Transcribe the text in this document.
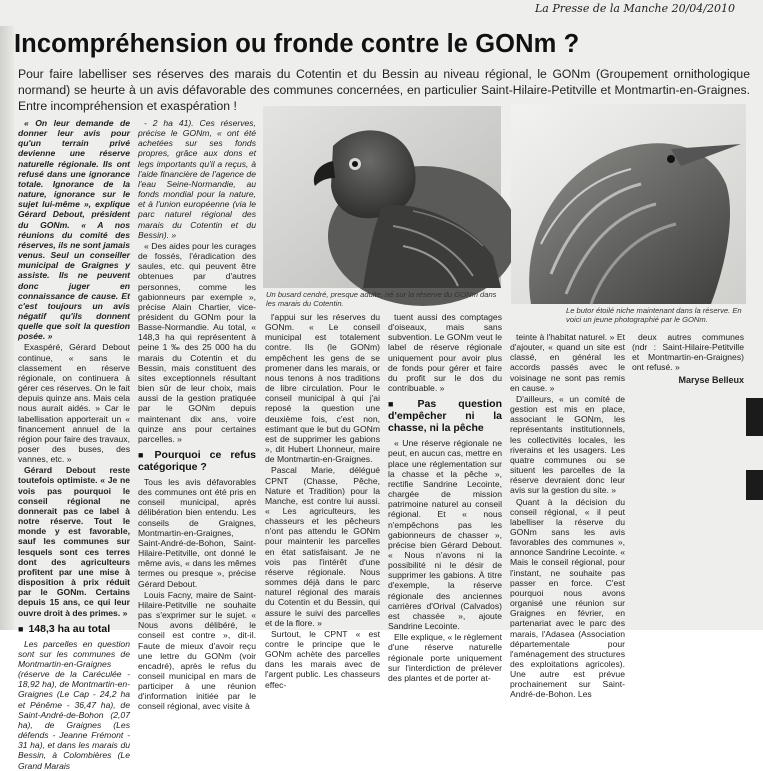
La Presse de la Manche 20/04/2010
Incompréhension ou fronde contre le GONm ?

Pour faire labelliser ses réserves des marais du Cotentin et du Bessin au niveau régional, le GONm (Groupement ornithologique normand) se heurte à un avis défavorable des communes concernées, en particulier Saint-Hilaire-Petitville et Montmartin-en-Graignes. Entre incompréhension et exaspération !

« On leur demande de donner leur avis pour qu'un terrain privé devienne une réserve naturelle régionale. Ils ont refusé dans une ignorance totale. Ignorance de la nature, ignorance sur le sujet lui-même », explique Gérard Debout, président du GONm. « A nos réunions du comité des réserves, ils ne sont jamais venus. Seul un conseiller municipal de Graignes y assiste. Ils ne peuvent donc juger en connaissance de cause. Et c'est toujours un avis négatif qu'ils donnent quelle que soit la question posée. »

Exaspéré, Gérard Debout continue, « sans le classement en réserve régionale, on continuera à gérer ces réserves. On le fait depuis quinze ans. Mais cela nous aurait aidés. » Car le labellisation apporterait un « financement annuel de la région pour faire des travaux, poser des buses, des vannes, etc. »

Gérard Debout reste toutefois optimiste. « Je ne vois pas pourquoi le conseil régional ne donnerait pas ce label à notre réserve. Tout le monde y est favorable, sauf les communes sur lesquels sont ces terres dont des agriculteurs profitent par une mise à disposition à prix réduit par le GONm. Certains depuis 15 ans, ce qui leur ouvre droit à des primes. »

■ 148,3 ha au total

Les parcelles en question sont sur les communes de Montmartin-en-Graignes (réserve de la Caréculée - 18,92 ha), de Montmartin-en-Graignes (Le Cap - 24,2 ha et Pénême - 36,47 ha), de Saint-André-de-Bohon (2,07 ha), de Graignes (Les défends - Jeanne Frémont - 31 ha), et dans les marais du Bessin, à Colombières (Le Grand Marais

- 2 ha 41). Ces réserves, précise le GONm, « ont été achetées sur ses fonds propres, grâce aux dons et legs importants qu'il a reçus, à l'aide financière de l'agence de l'eau Seine-Normandie, au fonds mondial pour la nature, et à l'union européenne (via le parc naturel régional des marais du Cotentin et du Bessin). »

« Des aides pour les curages de fossés, l'éradication des saules, etc. qui peuvent être obtenues par d'autres personnes, comme les gabionneurs par exemple », précise Alain Chartier, vice-président du GONm pour la Basse-Normandie. Au total, « 148,3 ha qui représentent à peine 1 ‰ des 25 000 ha du marais du Cotentin et du Bessin, mais constituent des sites exceptionnels résultant bien sûr de leur choix, mais aussi de la gestion pratiquée par le GONm depuis maintenant dix ans, voire quinze ans pour certaines parcelles. »

■ Pourquoi ce refus catégorique ?

Tous les avis défavorables des communes ont été pris en conseil municipal, après délibération bien entendu. Les conseils de Graignes, Montmartin-en-Graignes, Saint-André-de-Bohon, Saint-Hilaire-Petitville, ont donné le même avis, « dans les mêmes termes ou presque », précise Gérard Debout.

Louis Facny, maire de Saint-Hilaire-Petitville ne souhaite pas s'exprimer sur le sujet. « Nous avons délibéré, le conseil est contre », dit-il. Faute de mieux d'avoir reçu une lettre du GONm (voir encadré), après le refus du conseil municipal en mars de participer à une réunion d'information initiée par le conseil régional, avec visite à

Un busard cendré, presque adulte, né sur la réserve du GONm dans les marais du Cotentin.
Le butor étoilé niche maintenant dans la réserve. En voici un jeune photographié par le GONm.

l'appui sur les réserves du GONm. « Le conseil municipal est totalement contre. Ils (le GONm) empêchent les gens de se promener dans les marais, or nous tenons à nos traditions de libre circulation. Pour le conseil municipal à qui j'ai reposé la question une deuxième fois, c'est non, estimant que le but du GONm est de supprimer les gabions », dit Hubert Lhonneur, maire de Montmartin-en-Graignes.

Pascal Marie, délégué CPNT (Chasse, Pêche, Nature et Tradition) pour la Manche, est contre lui aussi. « Les agriculteurs, les chasseurs et les pêcheurs n'ont pas attendu le GONm pour maintenir les parcelles en état satisfaisant. Je ne vois pas l'intérêt d'une réserve régionale. Nous sommes déjà dans le parc naturel régional des marais du Cotentin et du Bessin, qui assure le suivi des parcelles et de la flore. »

Surtout, le CPNT « est contre le principe que le GONm achète des parcelles dans les marais avec de l'argent public. Les chasseurs effec-

tuent aussi des comptages d'oiseaux, mais sans subvention. Le GONm veut le label de réserve régionale uniquement pour avoir plus de fonds pour gérer et faire du profit sur le dos du contribuable. »

■ Pas question d'empêcher ni la chasse, ni la pêche

« Une réserve régionale ne peut, en aucun cas, mettre en place une réglementation sur la chasse et la pêche », rectifie Sandrine Lecointe, chargée de mission patrimoine naturel au conseil régional. Et « nous n'empêchons pas les gabionneurs de chasser », précise bien Gérard Debout. « Nous n'avons ni la possibilité ni le désir de supprimer les gabions. À titre d'exemple, la réserve régionale des anciennes carrières d'Orival (Calvados) est chassée », ajoute Sandrine Lecointe.

Elle explique, « le règlement d'une réserve naturelle régionale porte uniquement sur l'interdiction de prélever des plantes et de porter at-

teinte à l'habitat naturel. » Et d'ajouter, « quand un site est classé, en général les accords passés avec le voisinage ne sont pas remis en cause. »

D'ailleurs, « un comité de gestion est mis en place, associant le GONm, les représentants institutionnels, les collectivités locales, les riverains et les usagers. Les quatre communes ou se situent les parcelles de la réserve devraient donc leur avis sur la gestion du site. »

Quant à la décision du conseil régional, « il peut labelliser la réserve du GONm sans les avis favorables des communes », annonce Sandrine Lecointe. « Mais le conseil régional, pour l'instant, ne souhaite pas passer en force. C'est pourquoi nous avons organisé une réunion sur Graignes en février, en partenariat avec le parc des marais, l'Adasea (Association départementale pour l'aménagement des structures des exploitations agricoles). Une autre est prévue prochainement sur Saint-André-de-Bohon. Les

deux autres communes (ndr : Saint-Hilaire-Petitville et Montmartin-en-Graignes) ont refusé. »

Maryse Belleux
